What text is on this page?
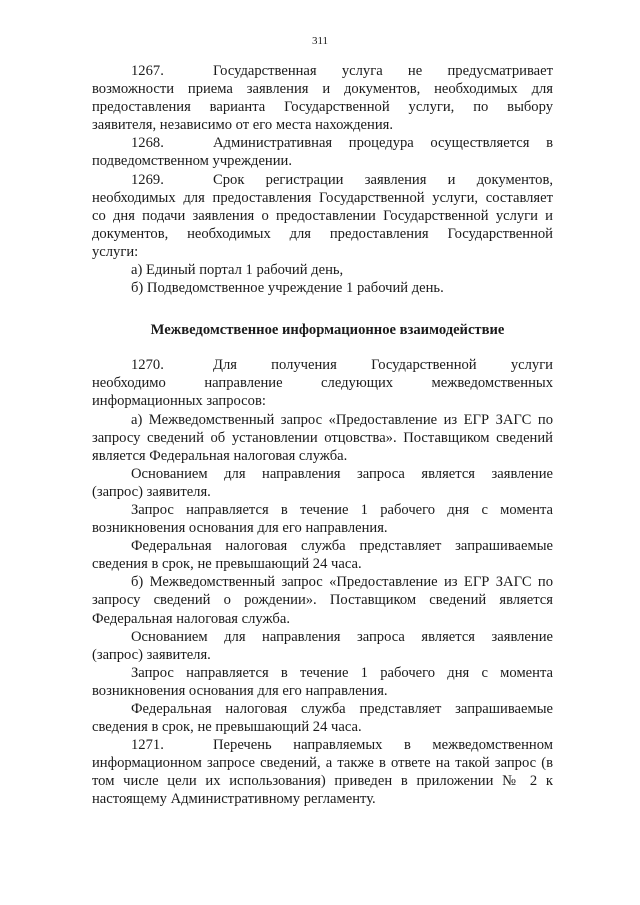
311

1267.	Государственная услуга не предусматривает

возможности приема заявления и документов, необходимых для

предоставления варианта Государственной услуги, по выбору

заявителя, независимо от его места нахождения.

1268.	Административная процедура осуществляется в

подведомственном учреждении.

1269.	Срок регистрации заявления и документов,

необходимых для предоставления Государственной услуги, составляет

со дня подачи заявления о предоставлении Государственной услуги и

документов, необходимых для предоставления Государственной

услуги:

а) Единый портал 1 рабочий день,

б) Подведомственное учреждение 1 рабочий день.

Межведомственное информационное взаимодействие

1270.	Для получения Государственной услуги

необходимо направление следующих межведомственных

информационных запросов:

а) Межведомственный запрос «Предоставление из ЕГР ЗАГС по

запросу сведений об установлении отцовства». Поставщиком сведений

является Федеральная налоговая служба.

Основанием для направления запроса является заявление

(запрос) заявителя.

Запрос направляется в течение 1 рабочего дня с момента

возникновения основания для его направления.

Федеральная налоговая служба представляет запрашиваемые

сведения в срок, не превышающий 24 часа.

б) Межведомственный запрос «Предоставление из ЕГР ЗАГС по

запросу сведений о рождении». Поставщиком сведений является

Федеральная налоговая служба.

Основанием для направления запроса является заявление

(запрос) заявителя.

Запрос направляется в течение 1 рабочего дня с момента

возникновения основания для его направления.

Федеральная налоговая служба представляет запрашиваемые

сведения в срок, не превышающий 24 часа.

1271.	Перечень направляемых в межведомственном

информационном запросе сведений, а также в ответе на такой запрос (в

том числе цели их использования) приведен в приложении № 2 к

настоящему Административному регламенту.
